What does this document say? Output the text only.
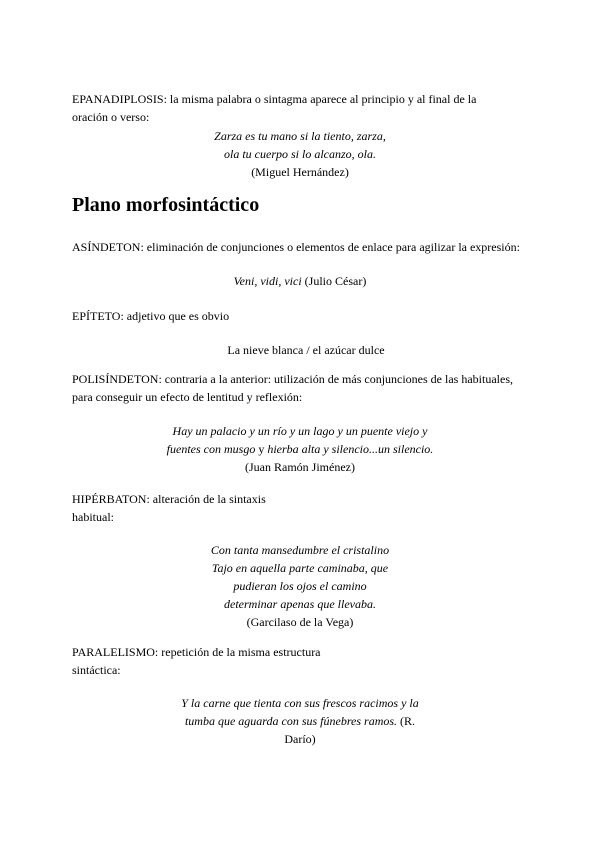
EPANADIPLOSIS: la misma palabra o sintagma aparece al principio y al final de la
oración o verso:
Zarza es tu mano si la tiento, zarza,
ola tu cuerpo si lo alcanzo, ola.
(Miguel Hernández)
Plano morfosintáctico
ASÍNDETON: eliminación de conjunciones o elementos de enlace para agilizar la expresión:
Veni, vidi, vici (Julio César)
EPÍTETO: adjetivo que es obvio
La nieve blanca / el azúcar dulce
POLISÍNDETON: contraria a la anterior: utilización de más conjunciones de las habituales,
para conseguir un efecto de lentitud y reflexión:
Hay un palacio y un río y un lago y un puente viejo y
fuentes con musgo y hierba alta y silencio...un silencio.
(Juan Ramón Jiménez)
HIPÉRBATON: alteración de la sintaxis
habitual:
Con tanta mansedumbre el cristalino
Tajo en aquella parte caminaba, que
pudieran los ojos el camino
determinar apenas que llevaba.
(Garcilaso de la Vega)
PARALELISMO: repetición de la misma estructura
sintáctica:
Y la carne que tienta con sus frescos racimos y la
tumba que aguarda con sus fúnebres ramos. (R.
Darío)
